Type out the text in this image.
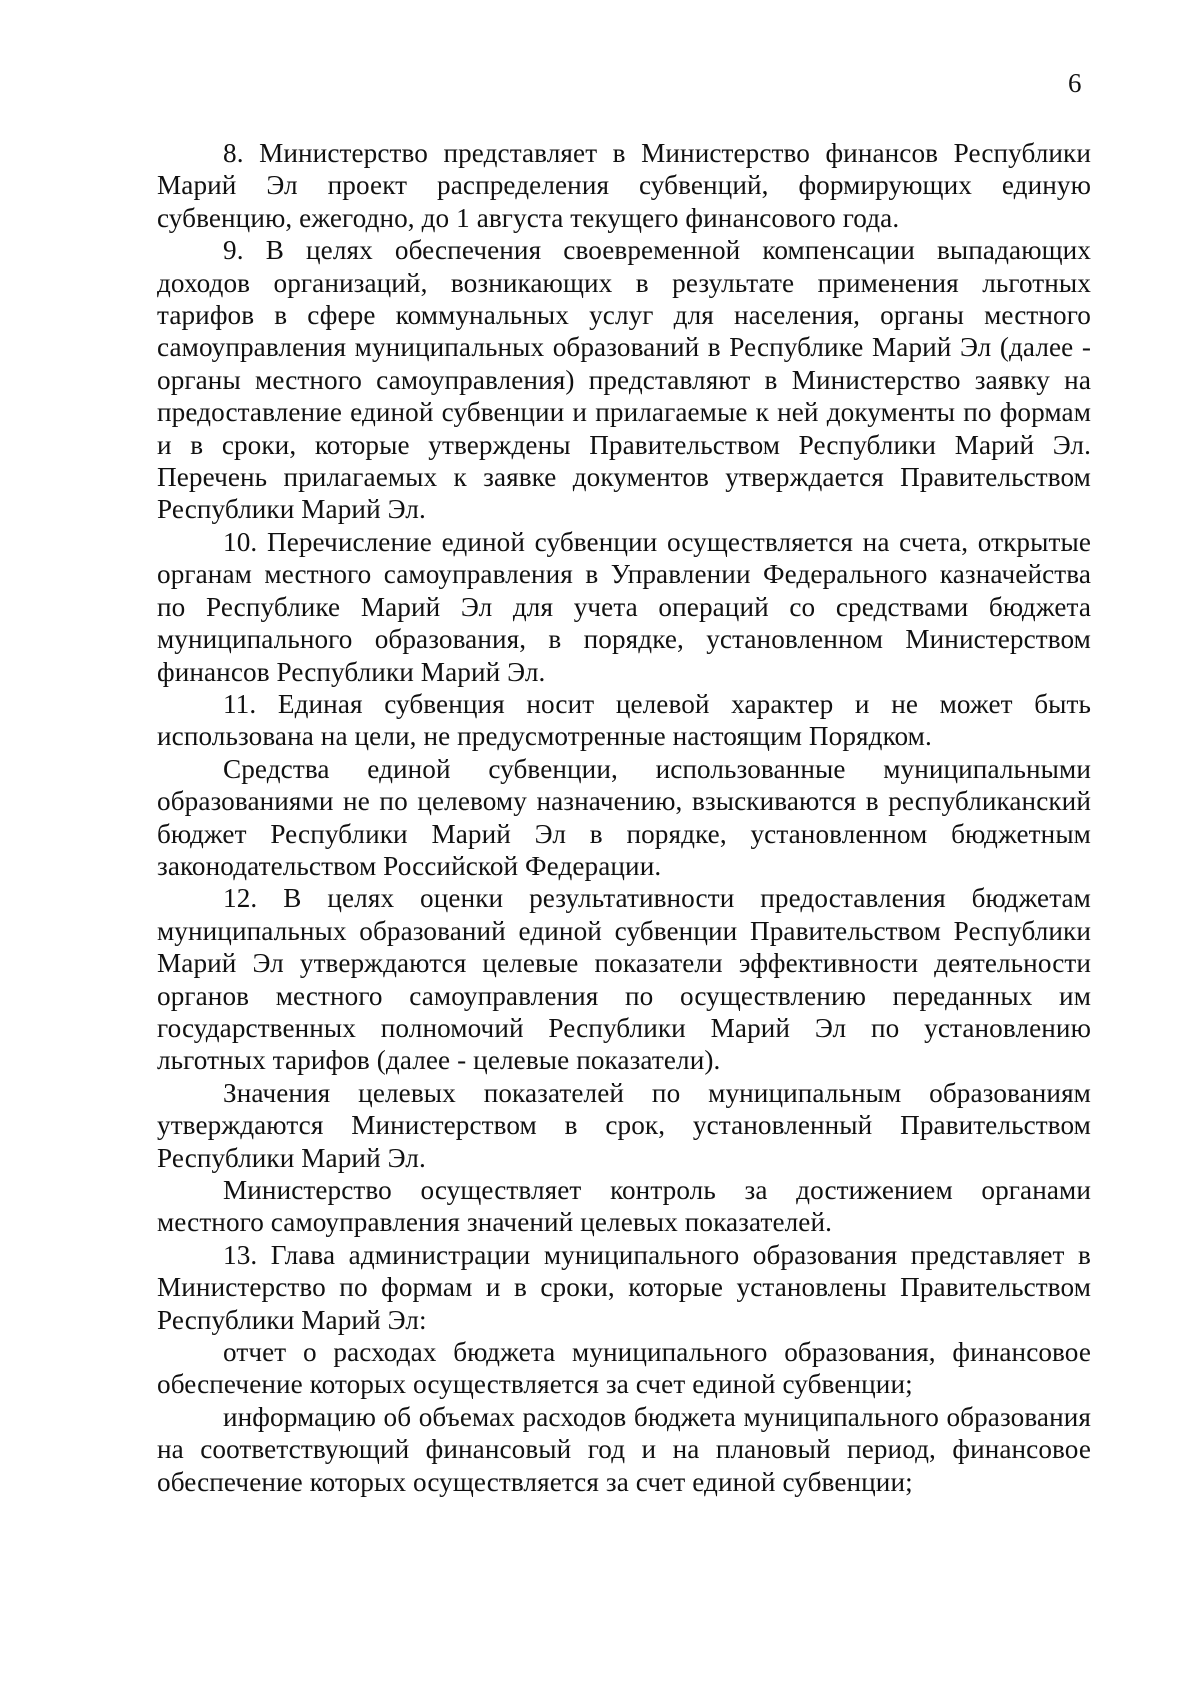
6

8. Министерство представляет в Министерство финансов Республики Марий Эл проект распределения субвенций, формирующих единую субвенцию, ежегодно, до 1 августа текущего финансового года.

9. В целях обеспечения своевременной компенсации выпадающих доходов организаций, возникающих в результате применения льготных тарифов в сфере коммунальных услуг для населения, органы местного самоуправления муниципальных образований в Республике Марий Эл (далее - органы местного самоуправления) представляют в Министерство заявку на предоставление единой субвенции и прилагаемые к ней документы по формам и в сроки, которые утверждены Правительством Республики Марий Эл. Перечень прилагаемых к заявке документов утверждается Правительством Республики Марий Эл.

10. Перечисление единой субвенции осуществляется на счета, открытые органам местного самоуправления в Управлении Федерального казначейства по Республике Марий Эл для учета операций со средствами бюджета муниципального образования, в порядке, установленном Министерством финансов Республики Марий Эл.

11. Единая субвенция носит целевой характер и не может быть использована на цели, не предусмотренные настоящим Порядком.

Средства единой субвенции, использованные муниципальными образованиями не по целевому назначению, взыскиваются в республиканский бюджет Республики Марий Эл в порядке, установленном бюджетным законодательством Российской Федерации.

12. В целях оценки результативности предоставления бюджетам муниципальных образований единой субвенции Правительством Республики Марий Эл утверждаются целевые показатели эффективности деятельности органов местного самоуправления по осуществлению переданных им государственных полномочий Республики Марий Эл по установлению льготных тарифов (далее - целевые показатели).

Значения целевых показателей по муниципальным образованиям утверждаются Министерством в срок, установленный Правительством Республики Марий Эл.

Министерство осуществляет контроль за достижением органами местного самоуправления значений целевых показателей.

13. Глава администрации муниципального образования представляет в Министерство по формам и в сроки, которые установлены Правительством Республики Марий Эл:

отчет о расходах бюджета муниципального образования, финансовое обеспечение которых осуществляется за счет единой субвенции;

информацию об объемах расходов бюджета муниципального образования на соответствующий финансовый год и на плановый период, финансовое обеспечение которых осуществляется за счет единой субвенции;
